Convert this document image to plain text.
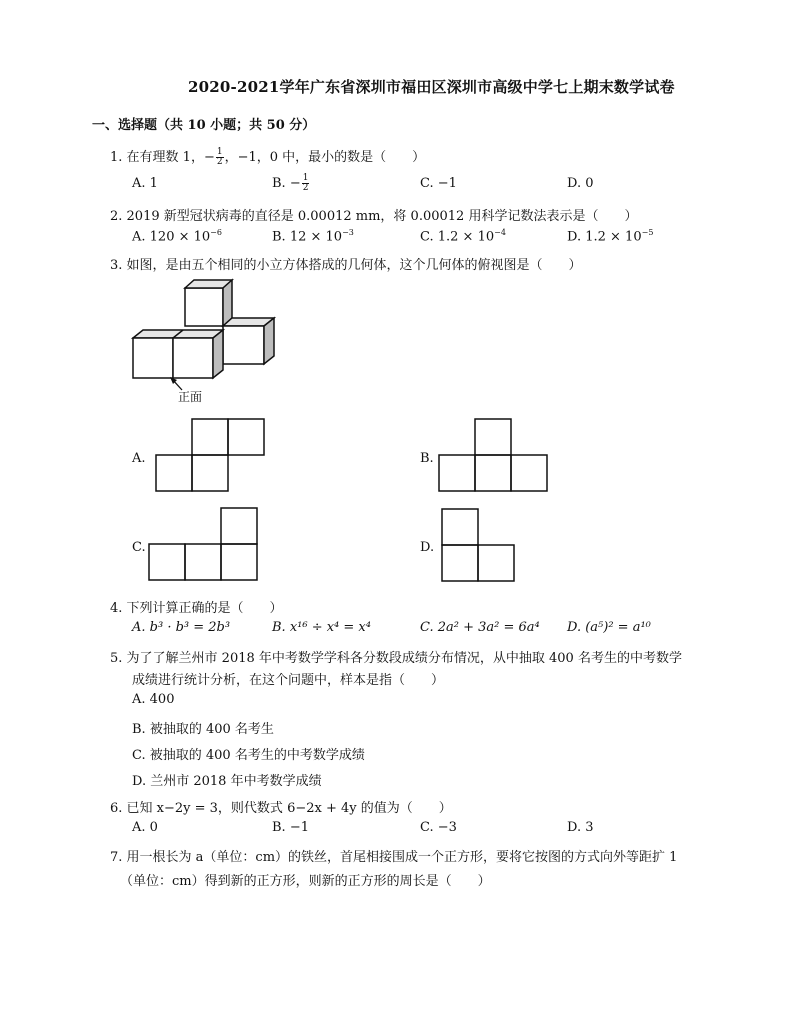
2020-2021学年广东省深圳市福田区深圳市高级中学七上期末数学试卷
一、选择题（共 10 小题；共 50 分）
1. 在有理数 1，− $\frac{1}{2}$ ，−1，0 中，最小的数是（　　）
A. 1	B. − $\frac{1}{2}$	C. −1	D. 0
2. 2019 新型冠状病毒的直径是 0.00012 mm，将 0.00012 用科学记数法表示是（　　）
A. $120 \times 10^{-6}$	B. $12 \times 10^{-3}$	C. $1.2 \times 10^{-4}$	D. $1.2 \times 10^{-5}$
3. 如图，是由五个相同的小立方体搭成的几何体，这个几何体的俯视图是（　　）
正面
A.	B.
C.	D.
4. 下列计算正确的是（　　）
A. b³ · b³ = 2b³	B. x¹⁶ ÷ x⁴ = x⁴	C. 2a² + 3a² = 6a⁴ D. (a⁵)² = a¹⁰
5. 为了了解兰州市 2018 年中考数学学科各分数段成绩分布情况，从中抽取 400 名考生的中考数学
成绩进行统计分析，在这个问题中，样本是指（　　）
A. 400
B. 被抽取的 400 名考生
C. 被抽取的 400 名考生的中考数学成绩
D. 兰州市 2018 年中考数学成绩
6. 已知 x−2y = 3，则代数式 6−2x + 4y 的值为（　　）
A. 0	B. −1	C. −3	D. 3
7. 用一根长为 a（单位：cm）的铁丝，首尾相接围成一个正方形，要将它按图的方式向外等距扩 1
（单位：cm）得到新的正方形，则新的正方形的周长是（　　）
